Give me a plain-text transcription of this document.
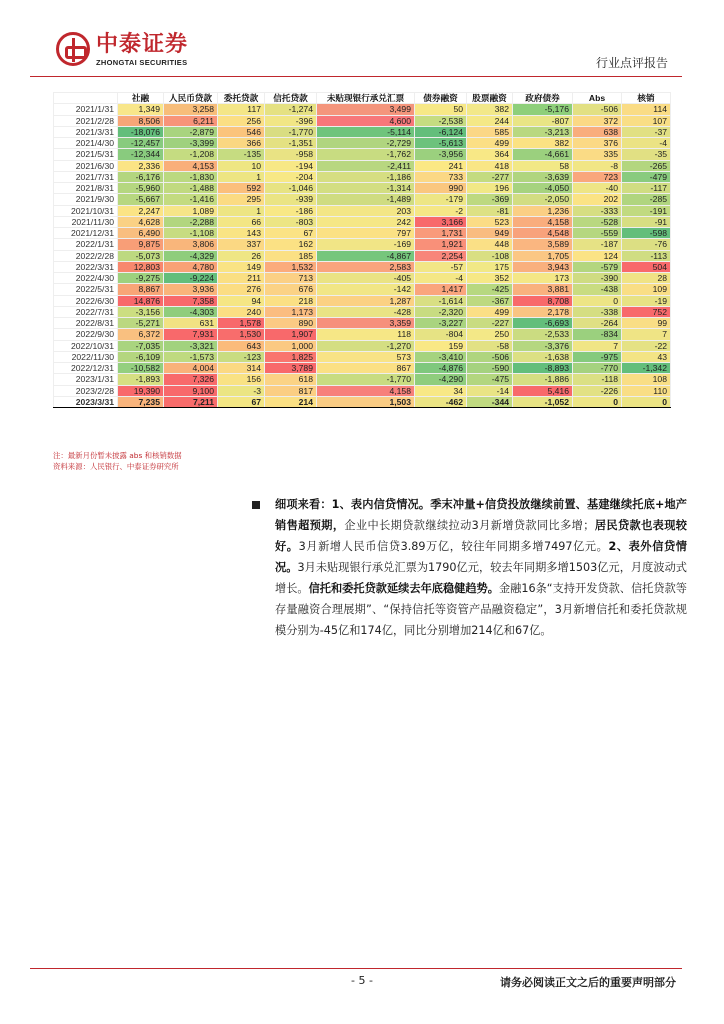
中泰证券
ZHONGTAI SECURITIES	行业点评报告
	社融	人民币贷款	委托贷款	信托贷款	未贴现银行承兑汇票	债券融资	股票融资	政府债券	Abs	核销
2021/1/31	1,349	3,258	117	-1,274	3,499	50	382	-5,176	-506	114
2021/2/28	8,506	6,211	256	-396	4,600	-2,538	244	-807	372	107
2021/3/31	-18,076	-2,879	546	-1,770	-5,114	-6,124	585	-3,213	638	-37
2021/4/30	-12,457	-3,399	366	-1,351	-2,729	-5,613	499	382	376	-4
2021/5/31	-12,344	-1,208	-135	-958	-1,762	-3,956	364	-4,661	335	-35
2021/6/30	2,336	4,153	10	-194	-2,411	241	418	58	-8	-265
2021/7/31	-6,176	-1,830	1	-204	-1,186	733	-277	-3,639	723	-479
2021/8/31	-5,960	-1,488	592	-1,046	-1,314	990	196	-4,050	-40	-117
2021/9/30	-5,667	-1,416	295	-939	-1,489	-179	-369	-2,050	202	-285
2021/10/31	2,247	1,089	1	-186	203	-2	-81	1,236	-333	-191
2021/11/30	4,628	-2,288	66	-803	242	3,166	523	4,158	-528	-91
2021/12/31	6,490	-1,108	143	67	797	1,731	949	4,548	-559	-598
2022/1/31	9,875	3,806	337	162	-169	1,921	448	3,589	-187	-76
2022/2/28	-5,073	-4,329	26	185	-4,867	2,254	-108	1,705	124	-113
2022/3/31	12,803	4,780	149	1,532	2,583	-57	175	3,943	-579	504
2022/4/30	-9,275	-9,224	211	713	-405	-4	352	173	-390	28
2022/5/31	8,867	3,936	276	676	-142	1,417	-425	3,881	-438	109
2022/6/30	14,876	7,358	94	218	1,287	-1,614	-367	8,708	0	-19
2022/7/31	-3,156	-4,303	240	1,173	-428	-2,320	499	2,178	-338	752
2022/8/31	-5,271	631	1,578	890	3,359	-3,227	-227	-6,693	-264	99
2022/9/30	6,372	7,931	1,530	1,907	118	-804	250	-2,533	-834	7
2022/10/31	-7,035	-3,321	643	1,000	-1,270	159	-58	-3,376	7	-22
2022/11/30	-6,109	-1,573	-123	1,825	573	-3,410	-506	-1,638	-975	43
2022/12/31	-10,582	4,004	314	3,789	867	-4,876	-590	-8,893	-770	-1,342
2023/1/31	-1,893	7,326	156	618	-1,770	-4,290	-475	-1,886	-118	108
2023/2/28	19,390	9,100	-3	817	4,158	34	-14	5,416	-226	110
2023/3/31	7,235	7,211	67	214	1,503	-462	-344	-1,052	0	0
注：最新月份暂未披露 abs 和核销数据
资料来源：人民银行、中泰证券研究所
细项来看：1、表内信贷情况。季末冲量+信贷投放继续前置、基建继续托底+地产销售超预期，企业中长期贷款继续拉动3月新增贷款同比多增；居民贷款也表现较好。3月新增人民币信贷3.89万亿，较往年同期多增7497亿元。2、表外信贷情况。3月未贴现银行承兑汇票为1790亿元，较去年同期多增1503亿元，月度波动式增长。信托和委托贷款延续去年底稳健趋势。金融16条“支持开发贷款、信托贷款等存量融资合理展期”、“保持信托等资管产品融资稳定”，3月新增信托和委托贷款规模分别为-45亿和174亿，同比分别增加214亿和67亿。
- 5 -	请务必阅读正文之后的重要声明部分
